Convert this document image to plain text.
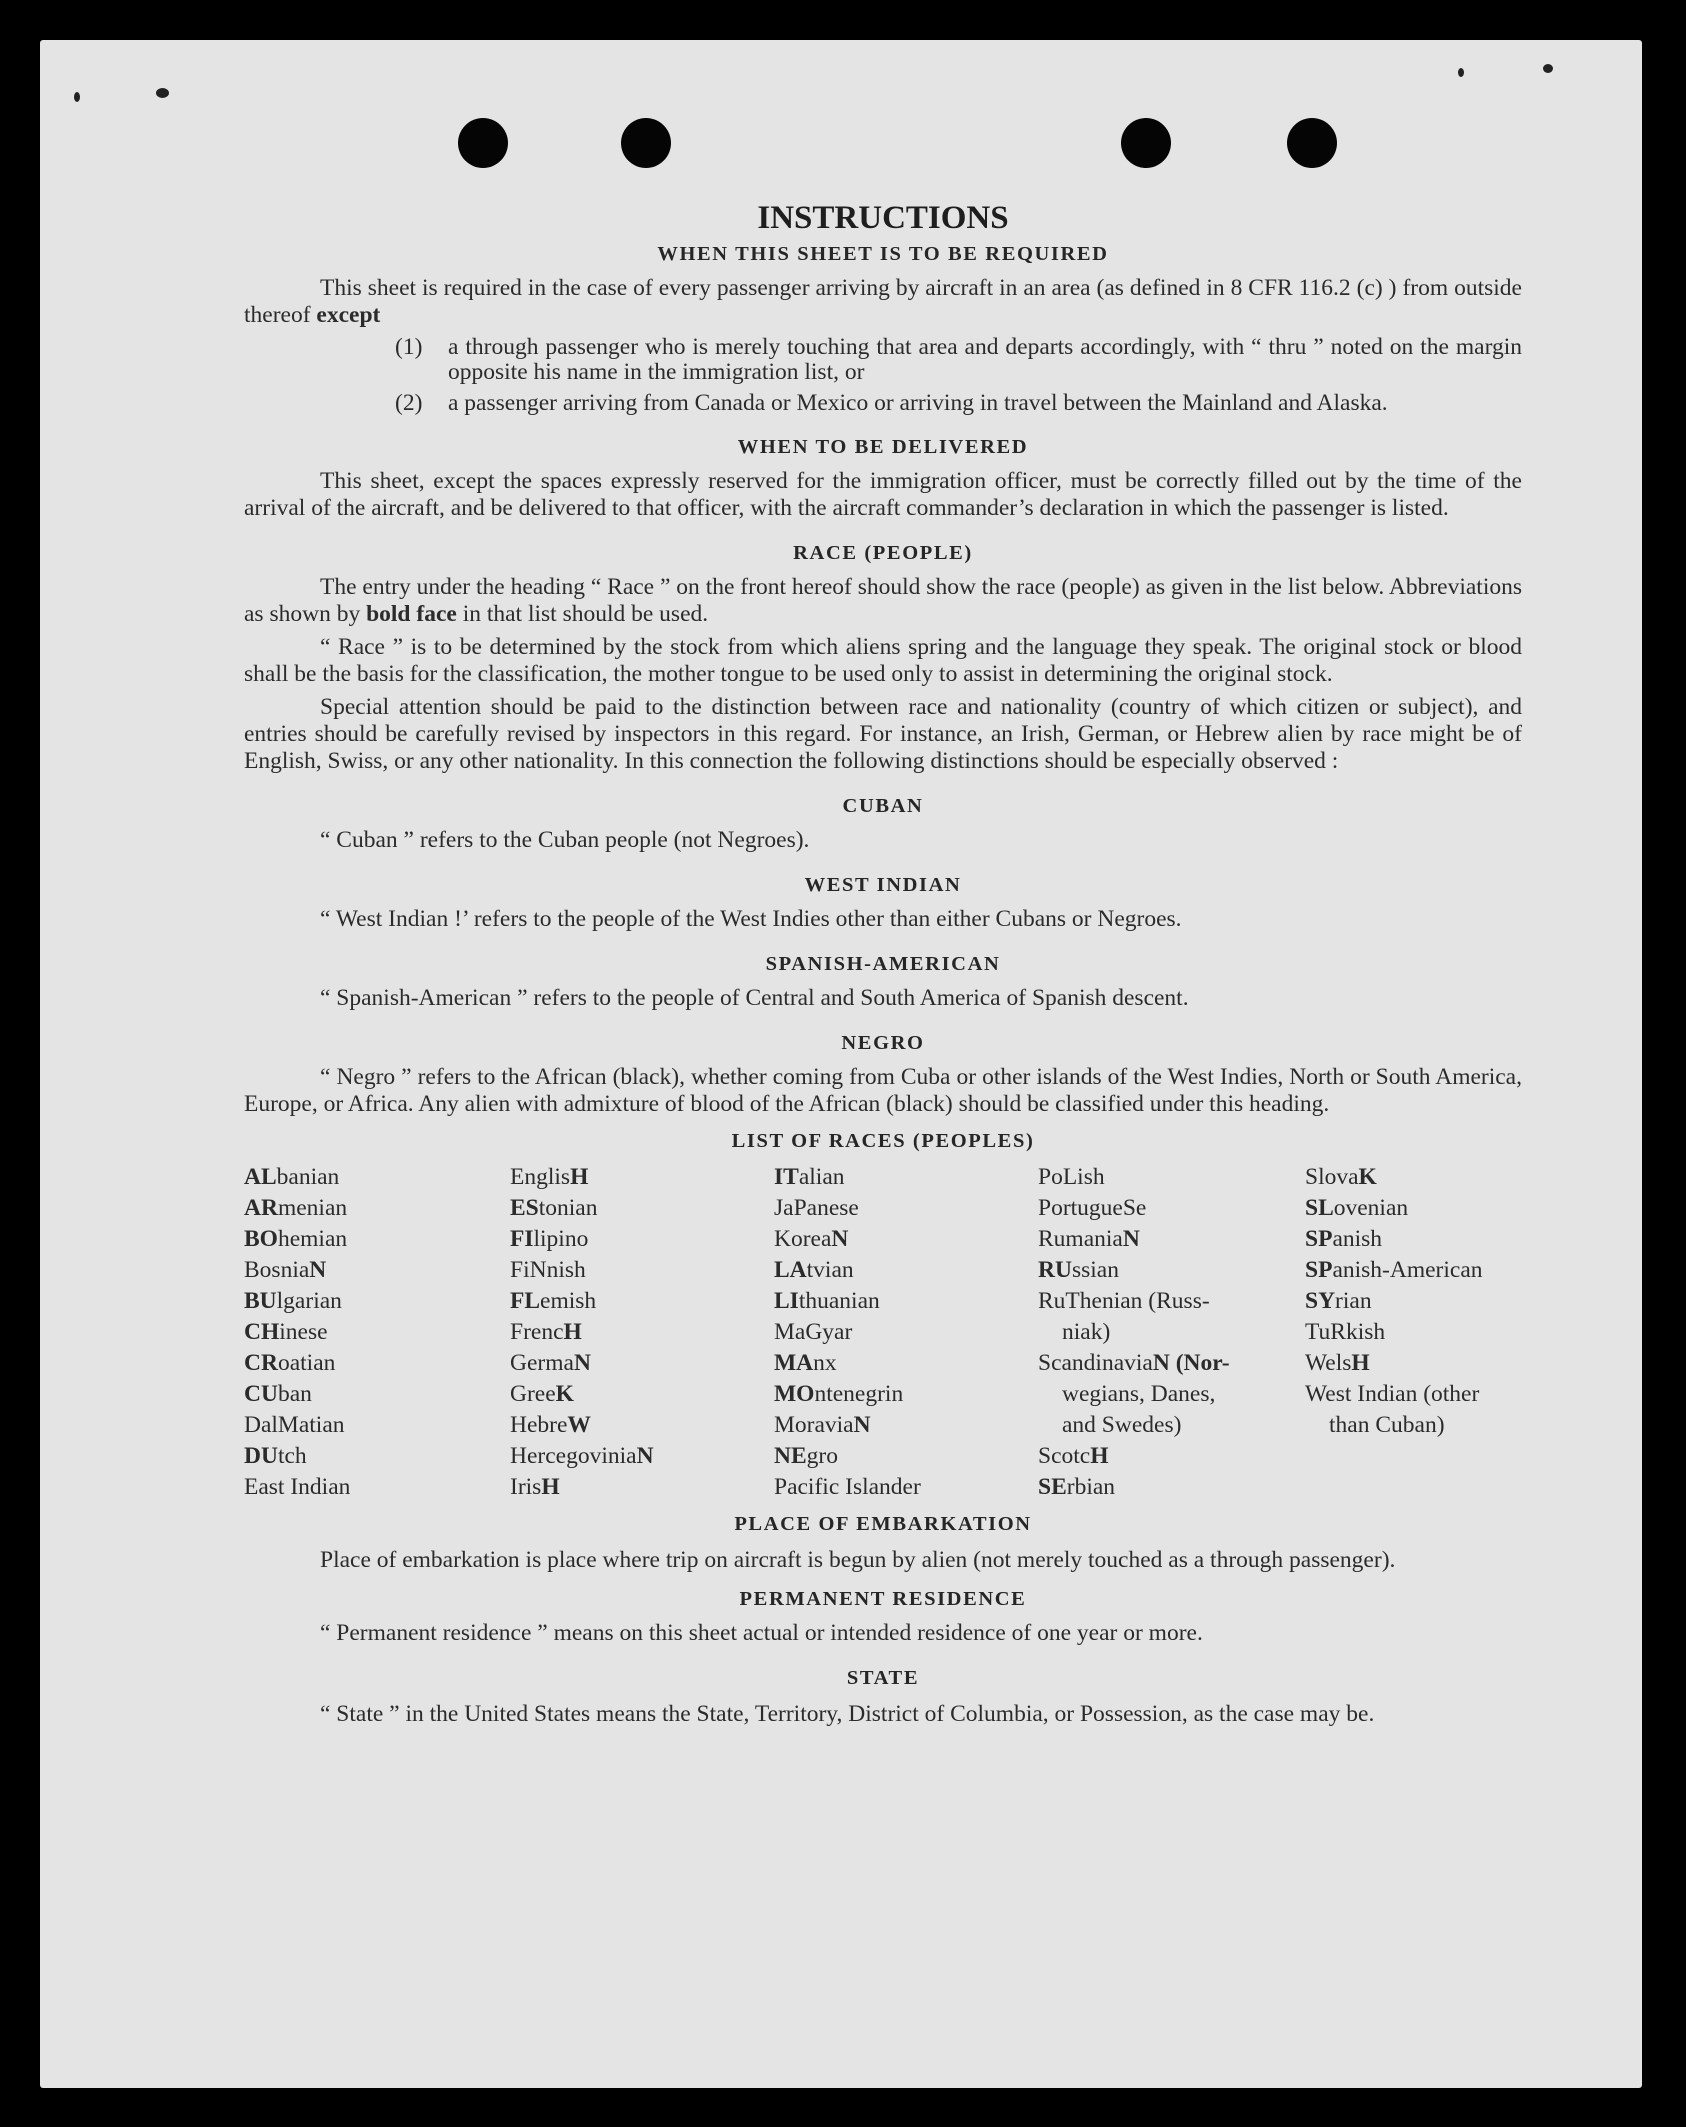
INSTRUCTIONS
WHEN THIS SHEET IS TO BE REQUIRED

This sheet is required in the case of every passenger arriving by aircraft in an area (as defined in 8 CFR 116.2 (c) ) from outside thereof except

(1)	a through passenger who is merely touching that area and departs accordingly, with “ thru ” noted on the margin opposite his name in the immigration list, or
(2)	a passenger arriving from Canada or Mexico or arriving in travel between the Mainland and Alaska.
WHEN TO BE DELIVERED

This sheet, except the spaces expressly reserved for the immigration officer, must be correctly filled out by the time of the arrival of the aircraft, and be delivered to that officer, with the aircraft commander’s declaration in which the passenger is listed.

RACE (PEOPLE)

The entry under the heading “ Race ” on the front hereof should show the race (people) as given in the list below. Abbreviations as shown by bold face in that list should be used.

“ Race ” is to be determined by the stock from which aliens spring and the language they speak. The original stock or blood shall be the basis for the classification, the mother tongue to be used only to assist in determining the original stock.

Special attention should be paid to the distinction between race and nationality (country of which citizen or subject), and entries should be carefully revised by inspectors in this regard. For instance, an Irish, German, or Hebrew alien by race might be of English, Swiss, or any other nationality. In this connection the following distinctions should be especially observed :

CUBAN

“ Cuban ” refers to the Cuban people (not Negroes).

WEST INDIAN

“ West Indian !’ refers to the people of the West Indies other than either Cubans or Negroes.

SPANISH-AMERICAN

“ Spanish-American ” refers to the people of Central and South America of Spanish descent.

NEGRO

“ Negro ” refers to the African (black), whether coming from Cuba or other islands of the West Indies, North or South America, Europe, or Africa. Any alien with admixture of blood of the African (black) should be classified under this heading.

LIST OF RACES (PEOPLES)
ALbanian
ARmenian
BOhemian
BosniaN
BUlgarian
CHinese
CRoatian
CUban
DalMatian
DUtch
East Indian
EnglisH
EStonian
FIlipino
FiNnish
FLemish
FrencH
GermaN
GreeK
HebreW
HercegoviniaN
IrisH
ITalian
JaPanese
KoreaN
LAtvian
LIthuanian
MaGyar
MAnx
MOntenegrin
MoraviaN
NEgro
Pacific Islander
PoLish
PortugueSe
RumaniaN
RUssian
RuThenian (Russ-
niak)
ScandinaviaN (Nor-
wegians, Danes,
and Swedes)
ScotcH
SErbian
SlovaK
SLovenian
SPanish
SPanish-American
SYrian
TuRkish
WelsH
West Indian (other
than Cuban)
PLACE OF EMBARKATION

Place of embarkation is place where trip on aircraft is begun by alien (not merely touched as a through passenger).

PERMANENT RESIDENCE

“ Permanent residence ” means on this sheet actual or intended residence of one year or more.

STATE

“ State ” in the United States means the State, Territory, District of Columbia, or Possession, as the case may be.
